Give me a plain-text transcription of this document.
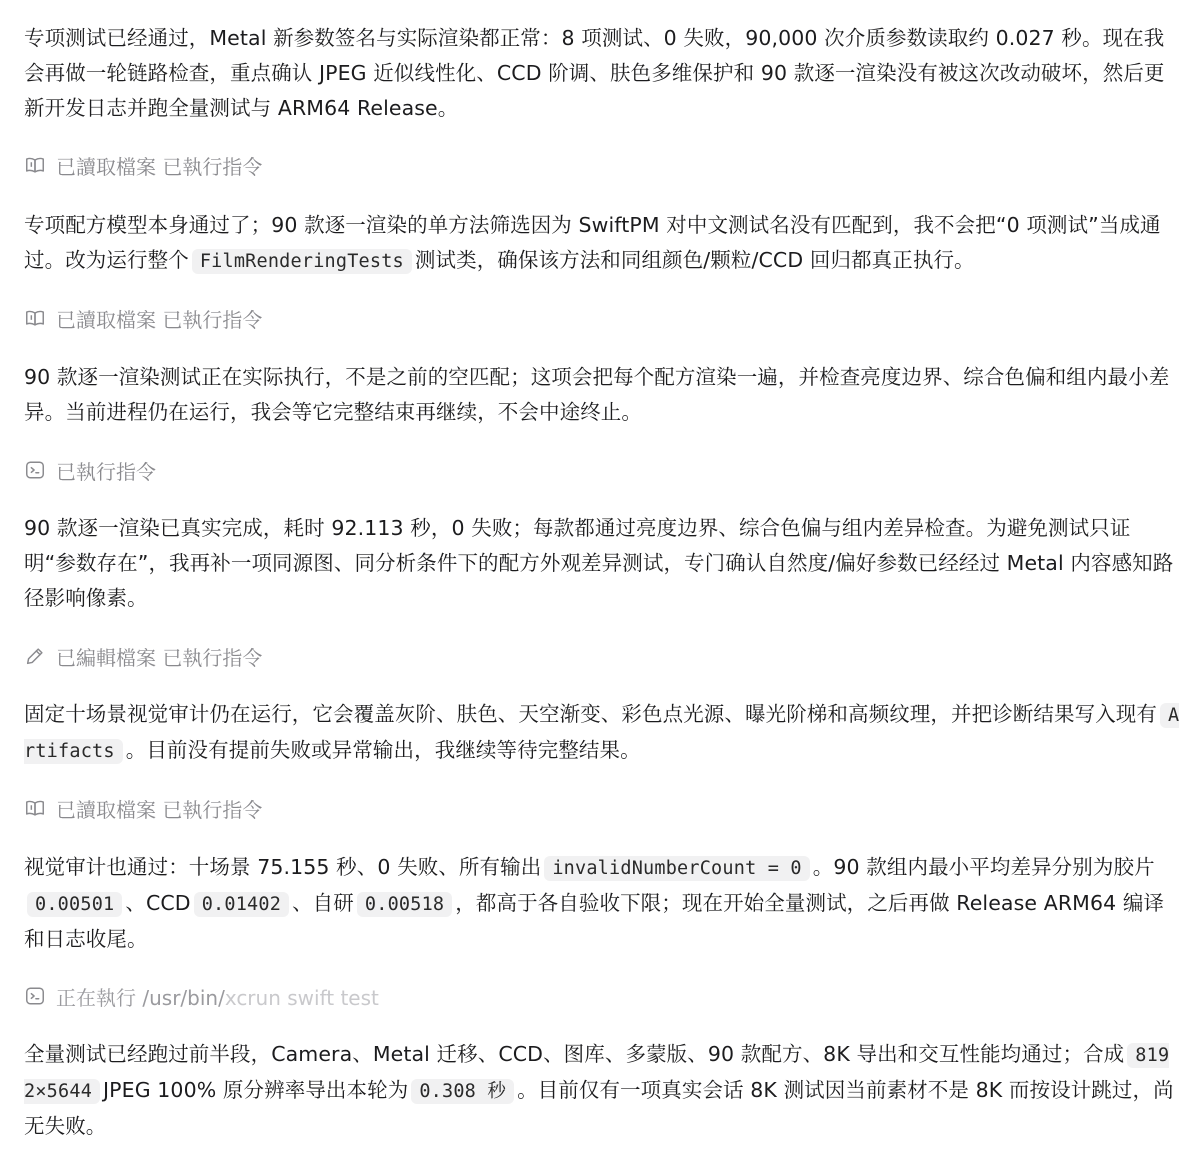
专项测试已经通过，Metal 新参数签名与实际渲染都正常：8 项测试、0 失败，90,000 次介质参数读取约 0.027 秒。现在我会再做一轮链路检查，重点确认 JPEG 近似线性化、CCD 阶调、肤色多维保护和 90 款逐一渲染没有被这次改动破坏，然后更新开发日志并跑全量测试与 ARM64 Release。
已讀取檔案 已執行指令
专项配方模型本身通过了；90 款逐一渲染的单方法筛选因为 SwiftPM 对中文测试名没有匹配到，我不会把“0 项测试”当成通过。改为运行整个 FilmRenderingTests 测试类，确保该方法和同组颜色/颗粒/CCD 回归都真正执行。
已讀取檔案 已執行指令
90 款逐一渲染测试正在实际执行，不是之前的空匹配；这项会把每个配方渲染一遍，并检查亮度边界、综合色偏和组内最小差异。当前进程仍在运行，我会等它完整结束再继续，不会中途终止。
已執行指令
90 款逐一渲染已真实完成，耗时 92.113 秒，0 失败；每款都通过亮度边界、综合色偏与组内差异检查。为避免测试只证明“参数存在”，我再补一项同源图、同分析条件下的配方外观差异测试，专门确认自然度/偏好参数已经经过 Metal 内容感知路径影响像素。
已編輯檔案 已執行指令
固定十场景视觉审计仍在运行，它会覆盖灰阶、肤色、天空渐变、彩色点光源、曝光阶梯和高频纹理，并把诊断结果写入现有 Artifacts 。目前没有提前失败或异常输出，我继续等待完整结果。
已讀取檔案 已執行指令
视觉审计也通过：十场景 75.155 秒、0 失败、所有输出 invalidNumberCount = 0 。90 款组内最小平均差异分别为胶片0.00501 、CCD 0.01402 、自研 0.00518 ，都高于各自验收下限；现在开始全量测试，之后再做 Release ARM64 编译和日志收尾。
正在執行 /usr/bin/xcrun swift test
全量测试已经跑过前半段，Camera、Metal 迁移、CCD、图库、多蒙版、90 款配方、8K 导出和交互性能均通过；合成 8192×5644 JPEG 100% 原分辨率导出本轮为 0.308 秒 。目前仅有一项真实会话 8K 测试因当前素材不是 8K 而按设计跳过，尚无失败。
